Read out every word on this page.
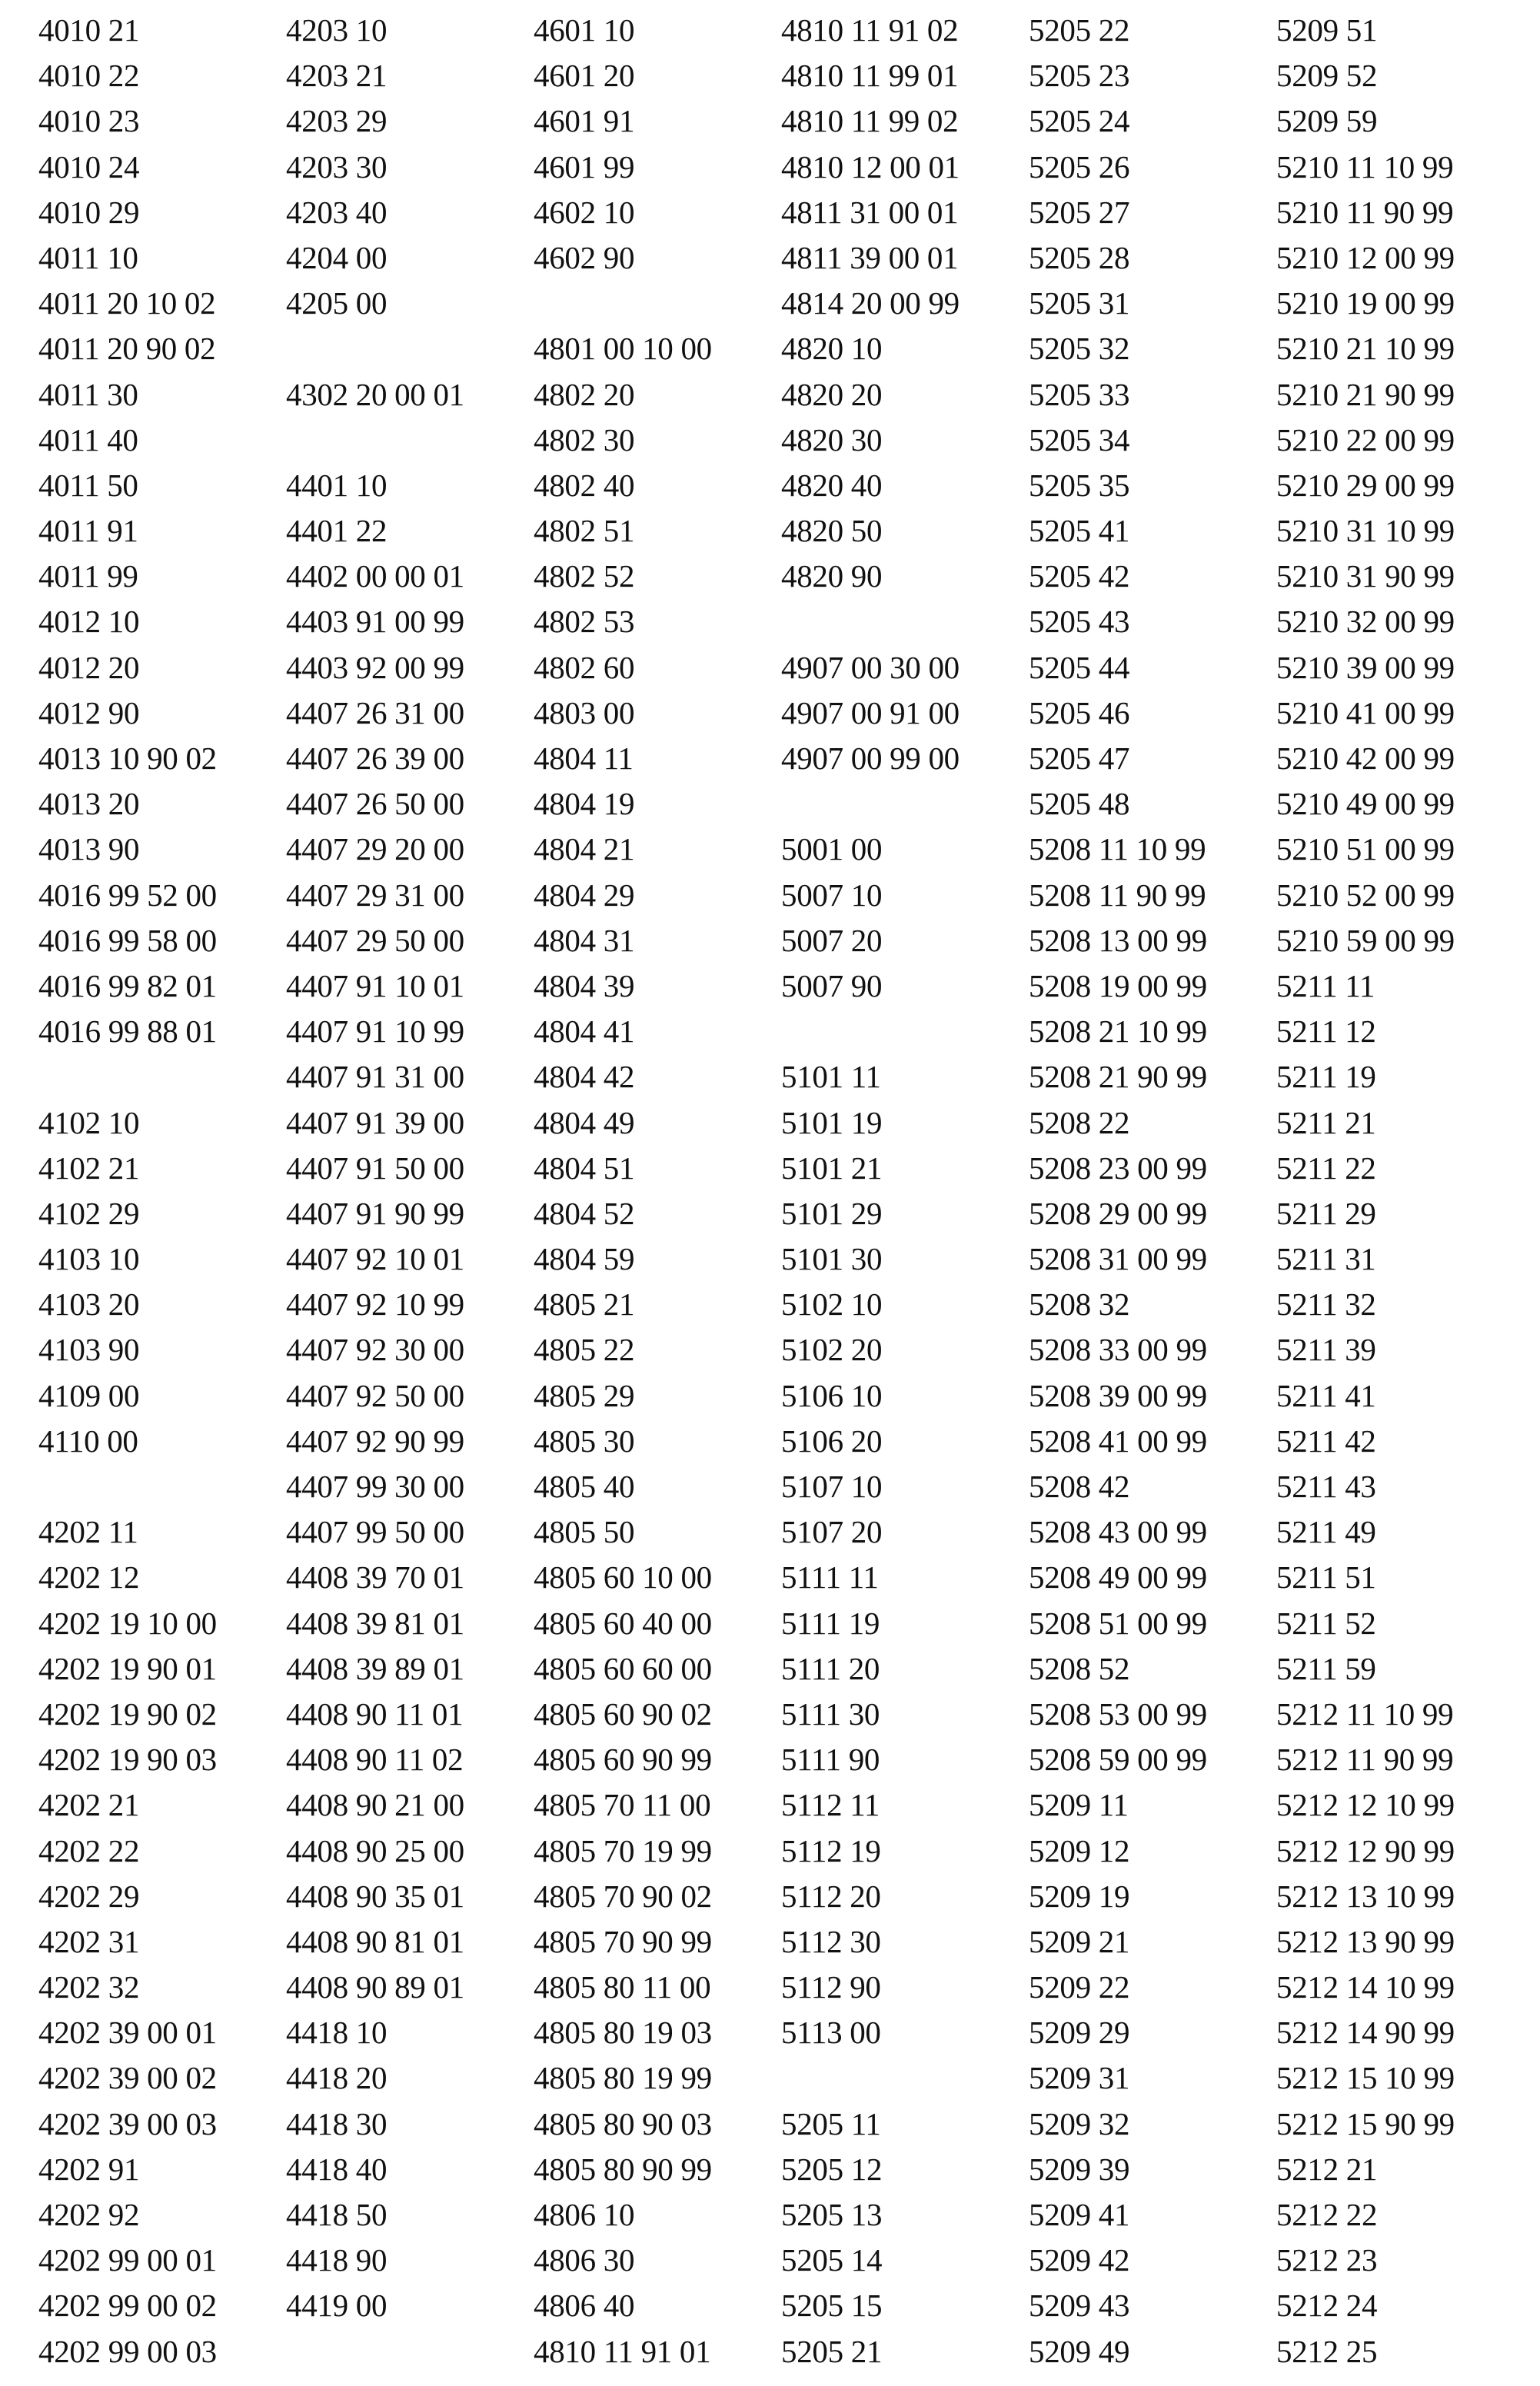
4010 21
4010 22
4010 23
4010 24
4010 29
4011 10
4011 20 10 02
4011 20 90 02
4011 30
4011 40
4011 50
4011 91
4011 99
4012 10
4012 20
4012 90
4013 10 90 02
4013 20
4013 90
4016 99 52 00
4016 99 58 00
4016 99 82 01
4016 99 88 01
4102 10
4102 21
4102 29
4103 10
4103 20
4103 90
4109 00
4110 00
4202 11
4202 12
4202 19 10 00
4202 19 90 01
4202 19 90 02
4202 19 90 03
4202 21
4202 22
4202 29
4202 31
4202 32
4202 39 00 01
4202 39 00 02
4202 39 00 03
4202 91
4202 92
4202 99 00 01
4202 99 00 02
4202 99 00 03
4203 10
4203 21
4203 29
4203 30
4203 40
4204 00
4205 00
4302 20 00 01
4401 10
4401 22
4402 00 00 01
4403 91 00 99
4403 92 00 99
4407 26 31 00
4407 26 39 00
4407 26 50 00
4407 29 20 00
4407 29 31 00
4407 29 50 00
4407 91 10 01
4407 91 10 99
4407 91 31 00
4407 91 39 00
4407 91 50 00
4407 91 90 99
4407 92 10 01
4407 92 10 99
4407 92 30 00
4407 92 50 00
4407 92 90 99
4407 99 30 00
4407 99 50 00
4408 39 70 01
4408 39 81 01
4408 39 89 01
4408 90 11 01
4408 90 11 02
4408 90 21 00
4408 90 25 00
4408 90 35 01
4408 90 81 01
4408 90 89 01
4418 10
4418 20
4418 30
4418 40
4418 50
4418 90
4419 00
4601 10
4601 20
4601 91
4601 99
4602 10
4602 90
4801 00 10 00
4802 20
4802 30
4802 40
4802 51
4802 52
4802 53
4802 60
4803 00
4804 11
4804 19
4804 21
4804 29
4804 31
4804 39
4804 41
4804 42
4804 49
4804 51
4804 52
4804 59
4805 21
4805 22
4805 29
4805 30
4805 40
4805 50
4805 60 10 00
4805 60 40 00
4805 60 60 00
4805 60 90 02
4805 60 90 99
4805 70 11 00
4805 70 19 99
4805 70 90 02
4805 70 90 99
4805 80 11 00
4805 80 19 03
4805 80 19 99
4805 80 90 03
4805 80 90 99
4806 10
4806 30
4806 40
4810 11 91 01
4810 11 91 02
4810 11 99 01
4810 11 99 02
4810 12 00 01
4811 31 00 01
4811 39 00 01
4814 20 00 99
4820 10
4820 20
4820 30
4820 40
4820 50
4820 90
4907 00 30 00
4907 00 91 00
4907 00 99 00
5001 00
5007 10
5007 20
5007 90
5101 11
5101 19
5101 21
5101 29
5101 30
5102 10
5102 20
5106 10
5106 20
5107 10
5107 20
5111 11
5111 19
5111 20
5111 30
5111 90
5112 11
5112 19
5112 20
5112 30
5112 90
5113 00
5205 11
5205 12
5205 13
5205 14
5205 15
5205 21
5205 22
5205 23
5205 24
5205 26
5205 27
5205 28
5205 31
5205 32
5205 33
5205 34
5205 35
5205 41
5205 42
5205 43
5205 44
5205 46
5205 47
5205 48
5208 11 10 99
5208 11 90 99
5208 13 00 99
5208 19 00 99
5208 21 10 99
5208 21 90 99
5208 22
5208 23 00 99
5208 29 00 99
5208 31 00 99
5208 32
5208 33 00 99
5208 39 00 99
5208 41 00 99
5208 42
5208 43 00 99
5208 49 00 99
5208 51 00 99
5208 52
5208 53 00 99
5208 59 00 99
5209 11
5209 12
5209 19
5209 21
5209 22
5209 29
5209 31
5209 32
5209 39
5209 41
5209 42
5209 43
5209 49
5209 51
5209 52
5209 59
5210 11 10 99
5210 11 90 99
5210 12 00 99
5210 19 00 99
5210 21 10 99
5210 21 90 99
5210 22 00 99
5210 29 00 99
5210 31 10 99
5210 31 90 99
5210 32 00 99
5210 39 00 99
5210 41 00 99
5210 42 00 99
5210 49 00 99
5210 51 00 99
5210 52 00 99
5210 59 00 99
5211 11
5211 12
5211 19
5211 21
5211 22
5211 29
5211 31
5211 32
5211 39
5211 41
5211 42
5211 43
5211 49
5211 51
5211 52
5211 59
5212 11 10 99
5212 11 90 99
5212 12 10 99
5212 12 90 99
5212 13 10 99
5212 13 90 99
5212 14 10 99
5212 14 90 99
5212 15 10 99
5212 15 90 99
5212 21
5212 22
5212 23
5212 24
5212 25
